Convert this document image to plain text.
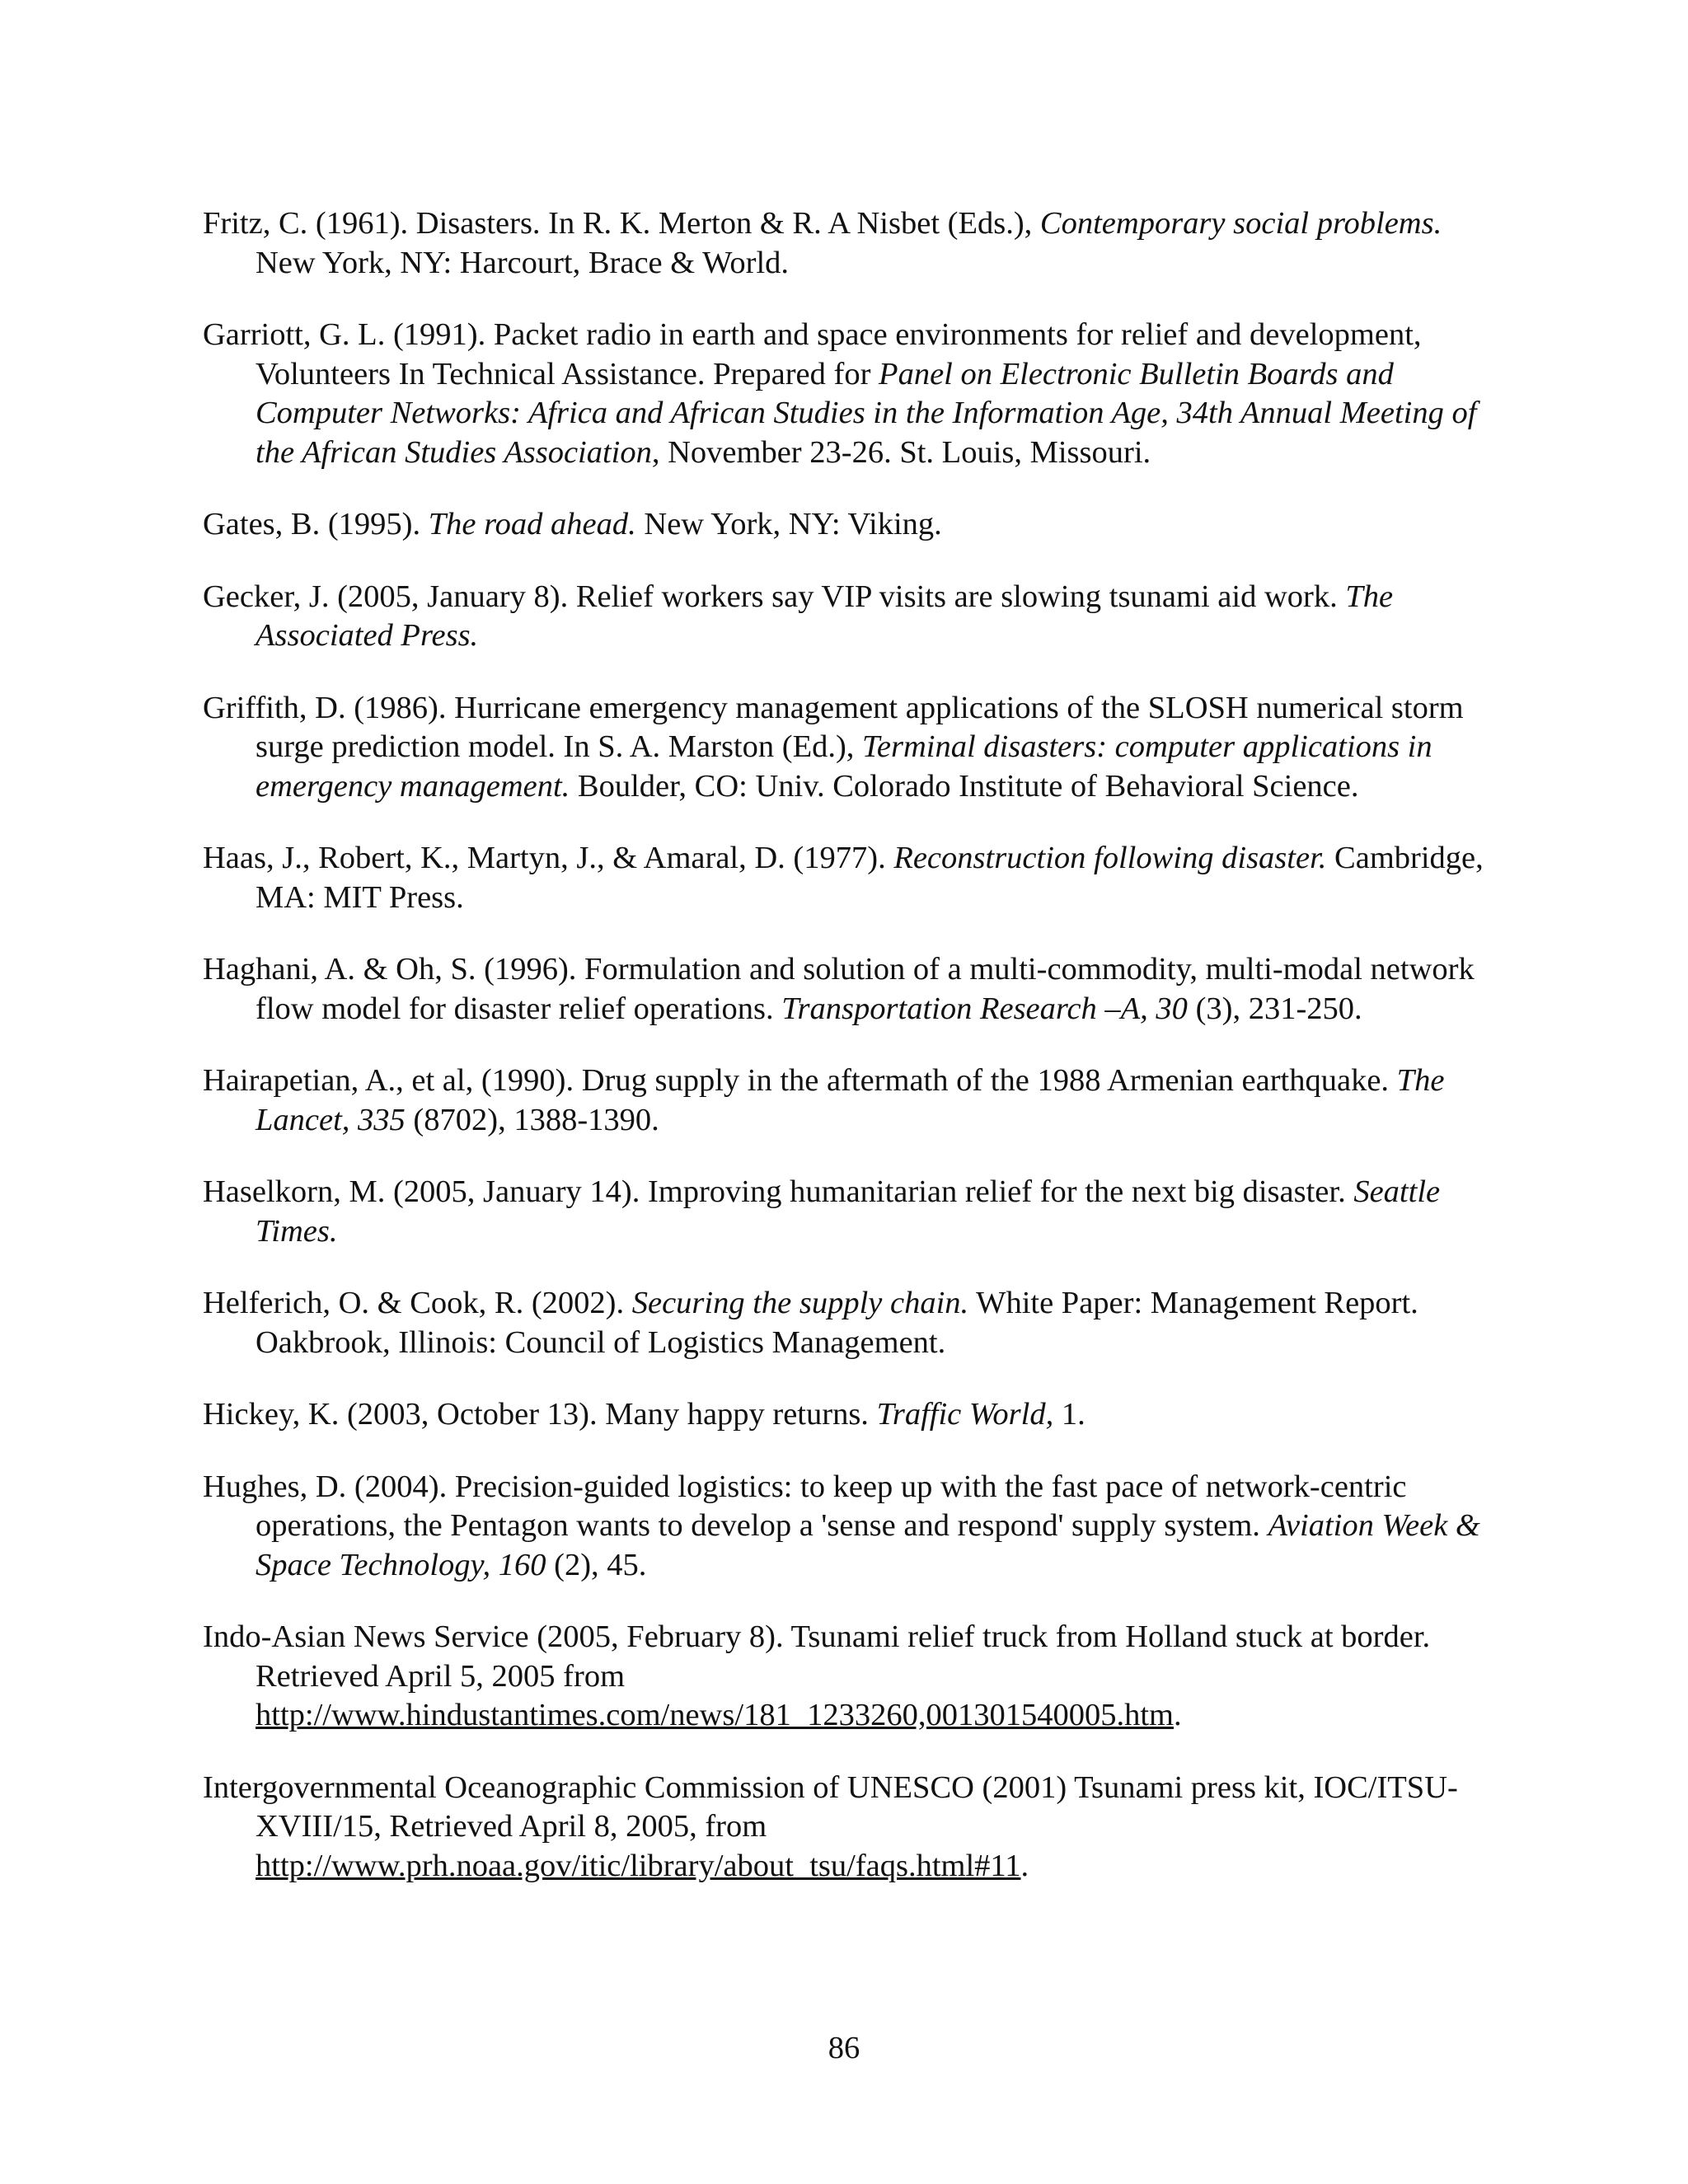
Fritz, C. (1961). Disasters. In R. K. Merton & R. A Nisbet (Eds.), Contemporary social problems. New York, NY: Harcourt, Brace & World.
Garriott, G. L. (1991). Packet radio in earth and space environments for relief and development, Volunteers In Technical Assistance. Prepared for Panel on Electronic Bulletin Boards and Computer Networks: Africa and African Studies in the Information Age, 34th Annual Meeting of the African Studies Association, November 23-26. St. Louis, Missouri.
Gates, B. (1995). The road ahead. New York, NY: Viking.
Gecker, J. (2005, January 8). Relief workers say VIP visits are slowing tsunami aid work. The Associated Press.
Griffith, D. (1986). Hurricane emergency management applications of the SLOSH numerical storm surge prediction model. In S. A. Marston (Ed.), Terminal disasters: computer applications in emergency management. Boulder, CO: Univ. Colorado Institute of Behavioral Science.
Haas, J., Robert, K., Martyn, J., & Amaral, D. (1977). Reconstruction following disaster. Cambridge, MA: MIT Press.
Haghani, A. & Oh, S. (1996). Formulation and solution of a multi-commodity, multi-modal network flow model for disaster relief operations. Transportation Research –A, 30 (3), 231-250.
Hairapetian, A., et al, (1990). Drug supply in the aftermath of the 1988 Armenian earthquake. The Lancet, 335 (8702), 1388-1390.
Haselkorn, M. (2005, January 14). Improving humanitarian relief for the next big disaster. Seattle Times.
Helferich, O. & Cook, R. (2002). Securing the supply chain. White Paper: Management Report. Oakbrook, Illinois: Council of Logistics Management.
Hickey, K. (2003, October 13). Many happy returns. Traffic World, 1.
Hughes, D. (2004). Precision-guided logistics: to keep up with the fast pace of network-centric operations, the Pentagon wants to develop a 'sense and respond' supply system. Aviation Week & Space Technology, 160 (2), 45.
Indo-Asian News Service (2005, February 8). Tsunami relief truck from Holland stuck at border. Retrieved April 5, 2005 from http://www.hindustantimes.com/news/181_1233260,001301540005.htm.
Intergovernmental Oceanographic Commission of UNESCO (2001) Tsunami press kit, IOC/ITSU-XVIII/15, Retrieved April 8, 2005, from http://www.prh.noaa.gov/itic/library/about_tsu/faqs.html#11.
86
